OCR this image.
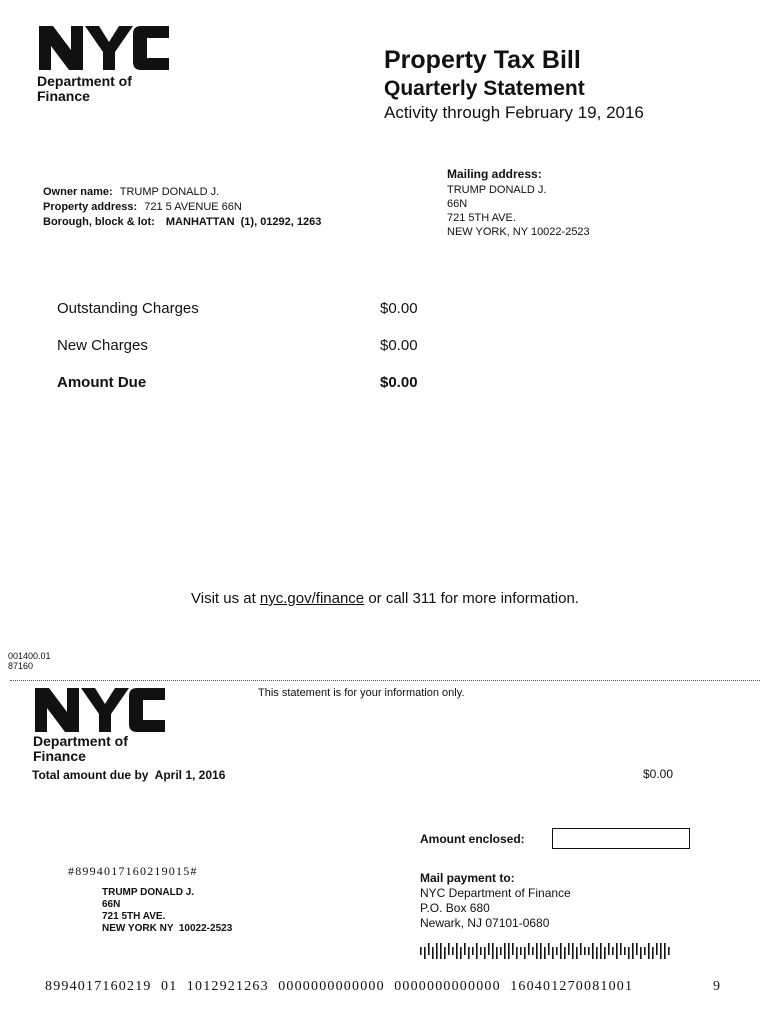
Department of
Finance
Property Tax Bill
Quarterly Statement
Activity through February 19, 2016
Owner name: TRUMP DONALD J.
Property address: 721 5 AVENUE 66N
Borough, block & lot: MANHATTAN  (1), 01292, 1263
Mailing address:
TRUMP DONALD J.
66N
721 5TH AVE.
NEW YORK, NY 10022-2523
Outstanding Charges	$0.00
New Charges	$0.00
Amount Due	$0.00
Visit us at nyc.gov/finance or call 311 for more information.
001400.01
87160
Department of
Finance
This statement is for your information only.
Total amount due by  April 1, 2016	$0.00
Amount enclosed:
#8994017160219015#
TRUMP DONALD J.
66N
721 5TH AVE.
NEW YORK NY  10022-2523
Mail payment to:
NYC Department of Finance
P.O. Box 680
Newark, NJ 07101-0680
8994017160219  01  1012921263  0000000000000  0000000000000  160401270081001	9
